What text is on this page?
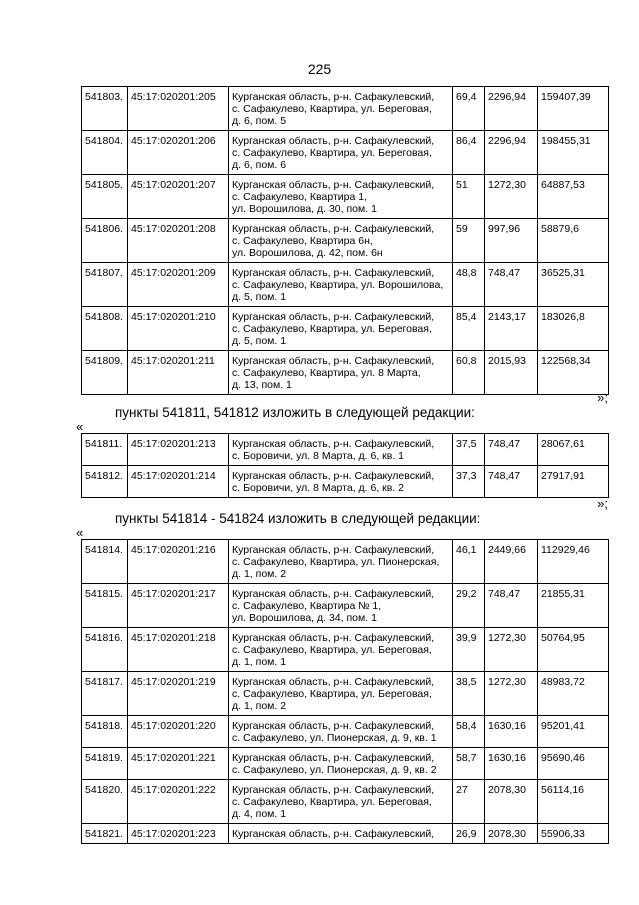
225
541803.	45:17:020201:205	Курганская область, р-н. Сафакулевский,
с. Сафакулево, Квартира, ул. Береговая,
д. 6, пом. 5	69,4	2296,94	159407,39
541804.	45:17:020201:206	Курганская область, р-н. Сафакулевский,
с. Сафакулево, Квартира, ул. Береговая,
д. 6, пом. 6	86,4	2296,94	198455,31
541805.	45:17:020201:207	Курганская область, р-н. Сафакулевский,
с. Сафакулево, Квартира 1,
ул. Ворошилова, д. 30, пом. 1	51	1272,30	64887,53
541806.	45:17:020201:208	Курганская область, р-н. Сафакулевский,
с. Сафакулево, Квартира 6н,
ул. Ворошилова, д. 42, пом. 6н	59	997,96	58879,6
541807.	45:17:020201:209	Курганская область, р-н. Сафакулевский,
с. Сафакулево, Квартира, ул. Ворошилова,
д. 5, пом. 1	48,8	748,47	36525,31
541808.	45:17:020201:210	Курганская область, р-н. Сафакулевский,
с. Сафакулево, Квартира, ул. Береговая,
д. 5, пом. 1	85,4	2143,17	183026,8
541809.	45:17:020201:211	Курганская область, р-н. Сафакулевский,
с. Сафакулево, Квартира, ул. 8 Марта,
д. 13, пом. 1	60,8	2015,93	122568,34
»;
пункты 541811, 541812 изложить в следующей редакции:
«
541811.	45:17:020201:213	Курганская область, р-н. Сафакулевский,
с. Боровичи, ул. 8 Марта, д. 6, кв. 1	37,5	748,47	28067,61
541812.	45:17:020201:214	Курганская область, р-н. Сафакулевский,
с. Боровичи, ул. 8 Марта, д. 6, кв. 2	37,3	748,47	27917,91
»;
пункты 541814 - 541824 изложить в следующей редакции:
«
541814.	45:17:020201:216	Курганская область, р-н. Сафакулевский,
с. Сафакулево, Квартира, ул. Пионерская,
д. 1, пом. 2	46,1	2449,66	112929,46
541815.	45:17:020201:217	Курганская область, р-н. Сафакулевский,
с. Сафакулево, Квартира № 1,
ул. Ворошилова, д. 34, пом. 1	29,2	748,47	21855,31
541816.	45:17:020201:218	Курганская область, р-н. Сафакулевский,
с. Сафакулево, Квартира, ул. Береговая,
д. 1, пом. 1	39,9	1272,30	50764,95
541817.	45:17:020201:219	Курганская область, р-н. Сафакулевский,
с. Сафакулево, Квартира, ул. Береговая,
д. 1, пом. 2	38,5	1272,30	48983,72
541818.	45:17:020201:220	Курганская область, р-н. Сафакулевский,
с. Сафакулево, ул. Пионерская, д. 9, кв. 1	58,4	1630,16	95201,41
541819.	45:17:020201:221	Курганская область, р-н. Сафакулевский,
с. Сафакулево, ул. Пионерская, д. 9, кв. 2	58,7	1630,16	95690,46
541820.	45:17:020201:222	Курганская область, р-н. Сафакулевский,
с. Сафакулево, Квартира, ул. Береговая,
д. 4, пом. 1	27	2078,30	56114,16
541821.	45:17:020201:223	Курганская область, р-н. Сафакулевский,	26,9	2078,30	55906,33
